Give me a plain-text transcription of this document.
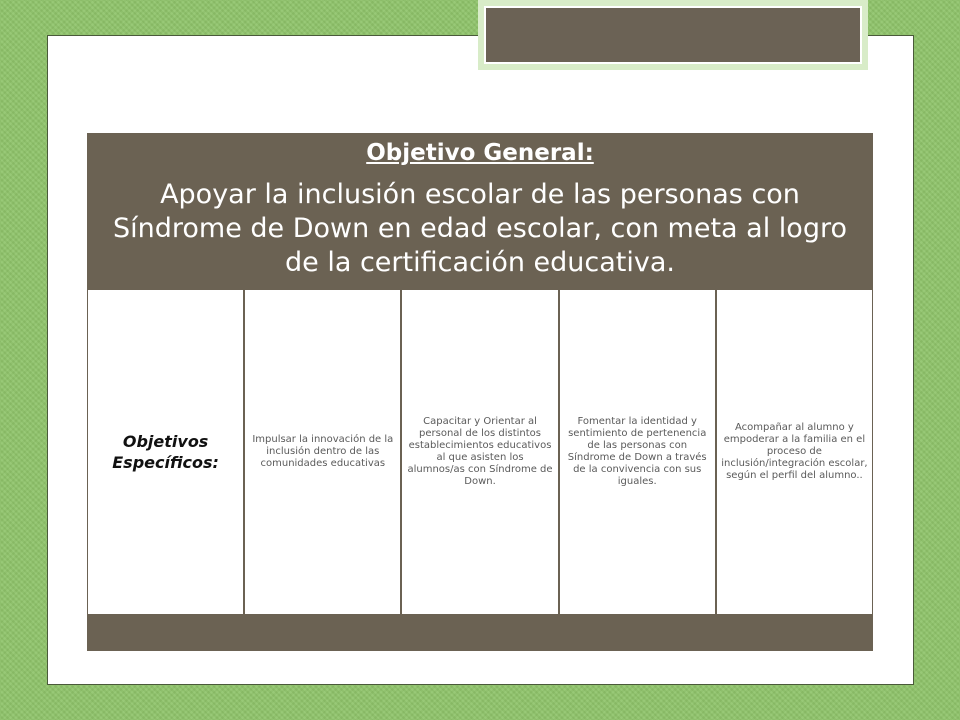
Objetivo General:
Apoyar la inclusión escolar de las personas con Síndrome de Down en edad escolar, con meta al logro de la certificación educativa.
Objetivos Específicos:
Impulsar la innovación de la inclusión dentro de las comunidades educativas
Capacitar y Orientar al personal de los distintos establecimientos educativos al que asisten los alumnos/as con Síndrome de Down.
Fomentar la identidad y sentimiento de pertenencia de las personas con Síndrome de Down a través de la convivencia con sus iguales.
Acompañar al alumno y empoderar a la familia en el proceso de inclusión/integración escolar, según el perfil del alumno..
